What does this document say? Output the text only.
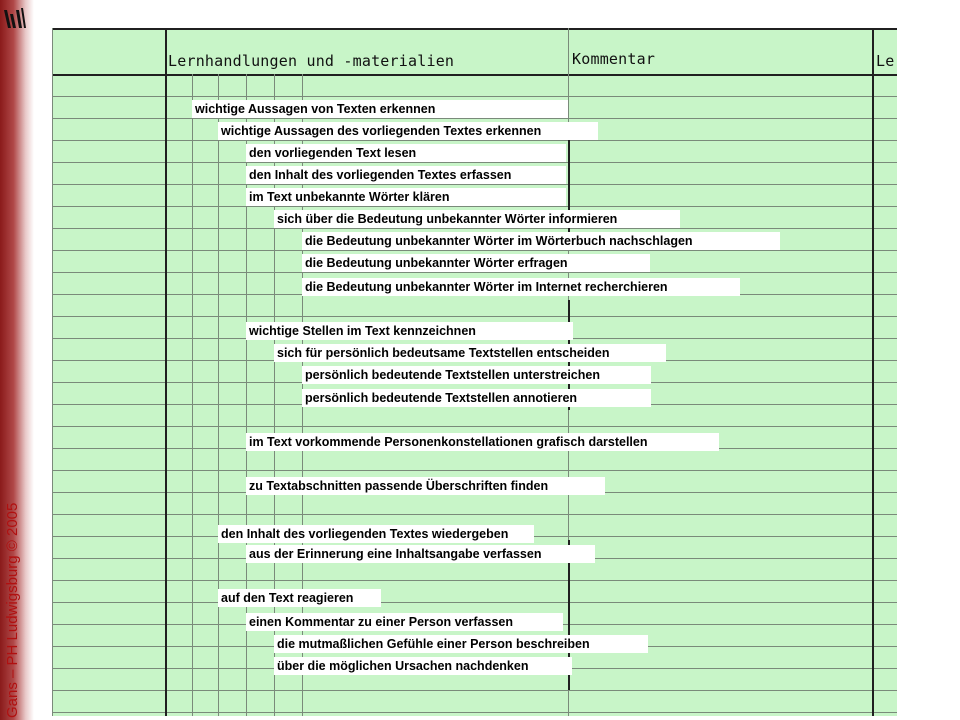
Gans – PH Ludwigsburg © 2005
Lernhandlungen und -materialien	Kommentar	Le
wichtige Aussagen von Texten erkennen
wichtige Aussagen des vorliegenden Textes erkennen
den vorliegenden Text lesen
den Inhalt des vorliegenden Textes erfassen
im Text unbekannte Wörter klären
sich über die Bedeutung unbekannter Wörter informieren
die Bedeutung unbekannter Wörter im Wörterbuch nachschlagen
die Bedeutung unbekannter Wörter erfragen
die Bedeutung unbekannter Wörter im Internet recherchieren
wichtige Stellen im Text kennzeichnen
sich für persönlich bedeutsame Textstellen entscheiden
persönlich bedeutende Textstellen unterstreichen
persönlich bedeutende Textstellen annotieren
im Text vorkommende Personenkonstellationen grafisch darstellen
zu Textabschnitten passende Überschriften finden
den Inhalt des vorliegenden Textes wiedergeben
aus der Erinnerung eine Inhaltsangabe verfassen
auf den Text reagieren
einen Kommentar zu einer Person verfassen
die mutmaßlichen Gefühle einer Person beschreiben
über die möglichen Ursachen nachdenken
